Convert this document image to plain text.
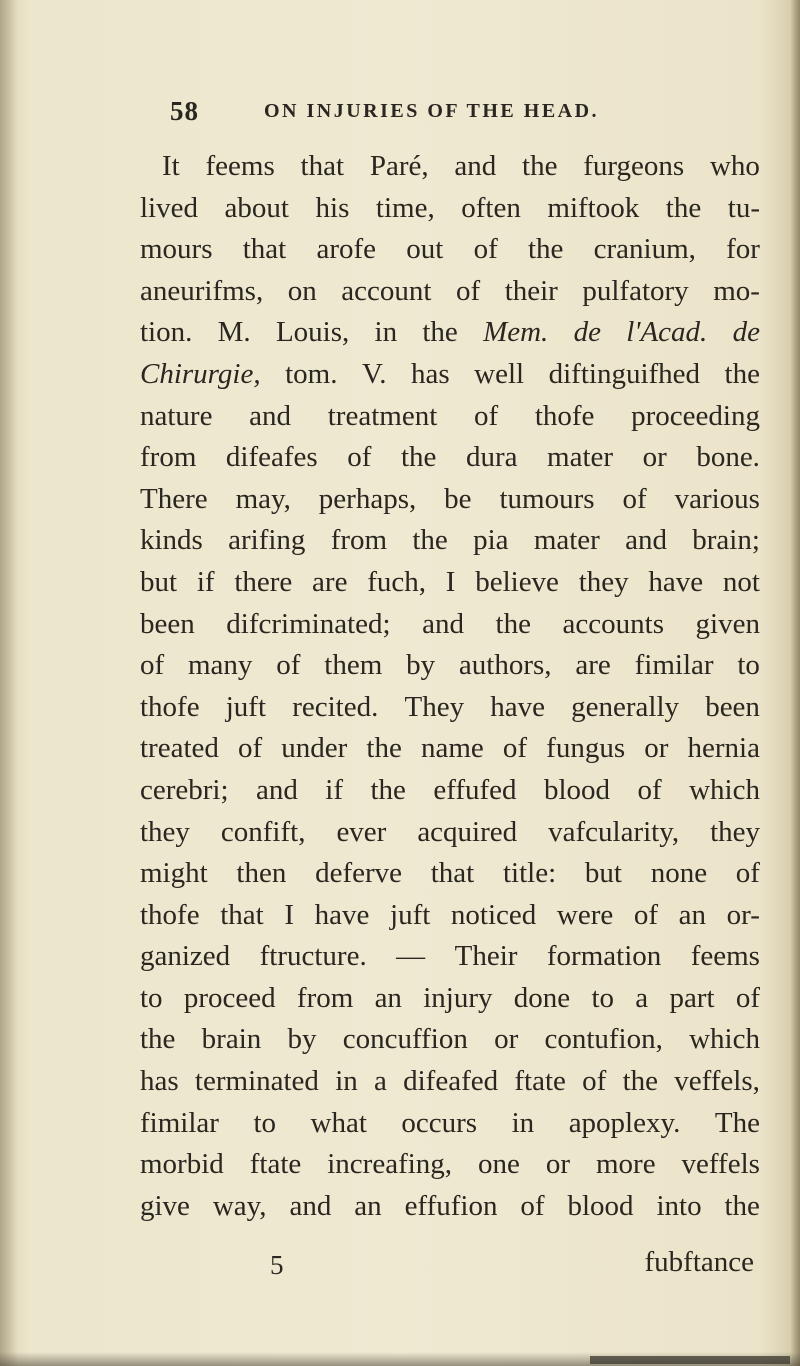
58	ON INJURIES OF THE HEAD.
It feems that Paré, and the furgeons who
lived about his time, often miftook the tu-
mours that arofe out of the cranium, for
aneurifms, on account of their pulfatory mo-
tion. M. Louis, in the Mem. de l'Acad. de
Chirurgie, tom. V. has well diftinguifhed the
nature and treatment of thofe proceeding
from difeafes of the dura mater or bone.
There may, perhaps, be tumours of various
kinds arifing from the pia mater and brain;
but if there are fuch, I believe they have not
been difcriminated; and the accounts given
of many of them by authors, are fimilar to
thofe juft recited. They have generally been
treated of under the name of fungus or hernia
cerebri; and if the effufed blood of which
they confift, ever acquired vafcularity, they
might then deferve that title: but none of
thofe that I have juft noticed were of an or-
ganized ftructure. — Their formation feems
to proceed from an injury done to a part of
the brain by concuffion or contufion, which
has terminated in a difeafed ftate of the veffels,
fimilar to what occurs in apoplexy. The
morbid ftate increafing, one or more veffels
give way, and an effufion of blood into the
5	fubftance
